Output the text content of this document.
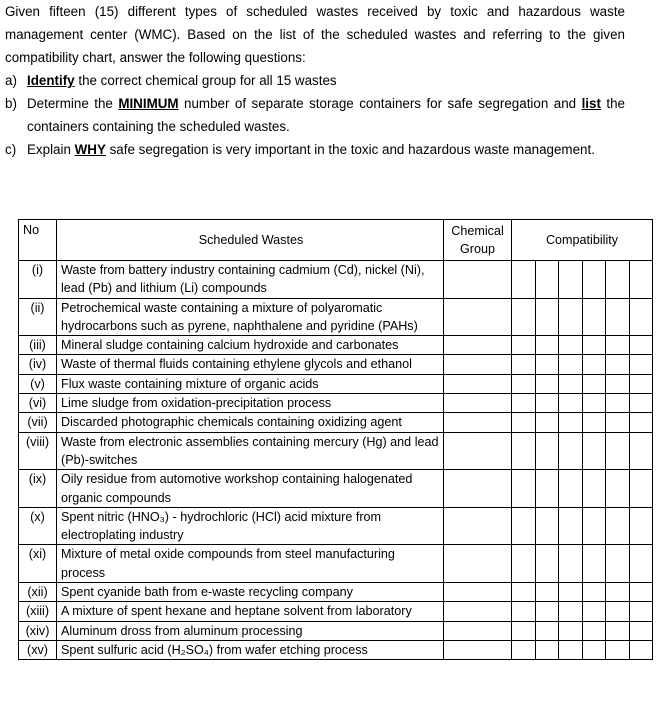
Given fifteen (15) different types of scheduled wastes received by toxic and hazardous waste management center (WMC). Based on the list of the scheduled wastes and referring to the given compatibility chart, answer the following questions:

a) Identify the correct chemical group for all 15 wastes
b) Determine the MINIMUM number of separate storage containers for safe segregation and list the containers containing the scheduled wastes.
c) Explain WHY safe segregation is very important in the toxic and hazardous waste management.
No	Scheduled Wastes	Chemical Group	Compatibility					
(i)	Waste from battery industry containing cadmium (Cd), nickel (Ni), lead (Pb) and lithium (Li) compounds							
(ii)	Petrochemical waste containing a mixture of polyaromatic hydrocarbons such as pyrene, naphthalene and pyridine (PAHs)							
(iii)	Mineral sludge containing calcium hydroxide and carbonates							
(iv)	Waste of thermal fluids containing ethylene glycols and ethanol							
(v)	Flux waste containing mixture of organic acids							
(vi)	Lime sludge from oxidation-precipitation process							
(vii)	Discarded photographic chemicals containing oxidizing agent							
(viii)	Waste from electronic assemblies containing mercury (Hg) and lead (Pb)-switches							
(ix)	Oily residue from automotive workshop containing halogenated organic compounds							
(x)	Spent nitric (HNO₃) - hydrochloric (HCl) acid mixture from electroplating industry							
(xi)	Mixture of metal oxide compounds from steel manufacturing process							
(xii)	Spent cyanide bath from e-waste recycling company							
(xiii)	A mixture of spent hexane and heptane solvent from laboratory							
(xiv)	Aluminum dross from aluminum processing							
(xv)	Spent sulfuric acid (H₂SO₄) from wafer etching process							
